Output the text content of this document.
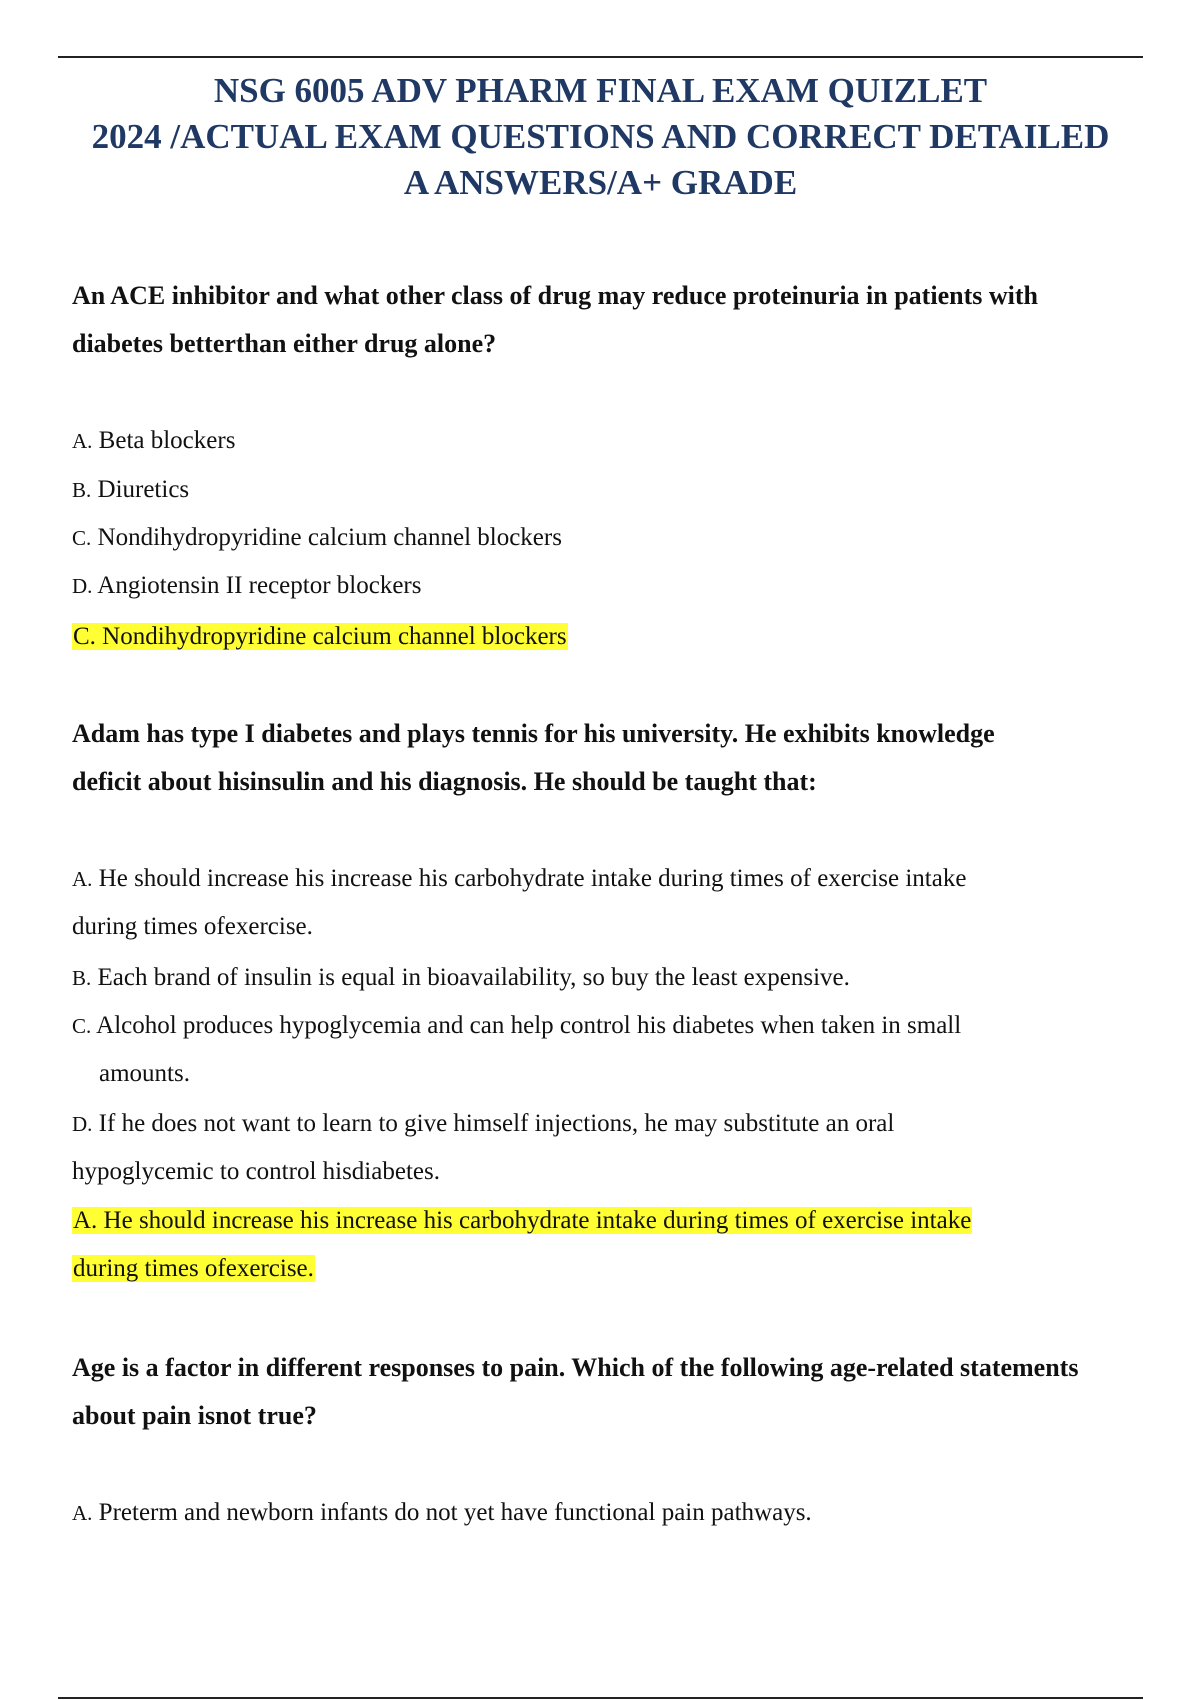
NSG 6005 ADV PHARM FINAL EXAM QUIZLET
2024 /ACTUAL EXAM QUESTIONS AND CORRECT DETAILED
A ANSWERS/A+ GRADE

An ACE inhibitor and what other class of drug may reduce proteinuria in patients with
diabetes betterthan either drug alone?

A. Beta blockers

B. Diuretics

C. Nondihydropyridine calcium channel blockers

D. Angiotensin II receptor blockers

C. Nondihydropyridine calcium channel blockers

Adam has type I diabetes and plays tennis for his university. He exhibits knowledge
deficit about hisinsulin and his diagnosis. He should be taught that:

A. He should increase his increase his carbohydrate intake during times of exercise intake
during times ofexercise.

B. Each brand of insulin is equal in bioavailability, so buy the least expensive.

C. Alcohol produces hypoglycemia and can help control his diabetes when taken in small
amounts.

D. If he does not want to learn to give himself injections, he may substitute an oral
hypoglycemic to control hisdiabetes.

A. He should increase his increase his carbohydrate intake during times of exercise intake
during times ofexercise.

Age is a factor in different responses to pain. Which of the following age-related statements
about pain isnot true?

A. Preterm and newborn infants do not yet have functional pain pathways.
